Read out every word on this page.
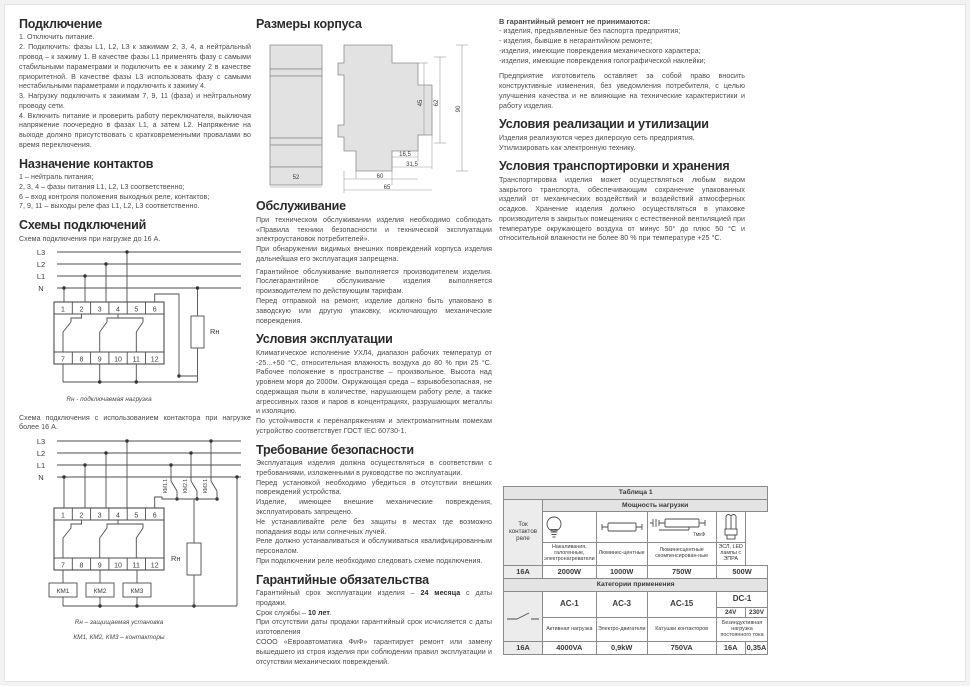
Подключение

1. Отключить питание.

2. Подключить: фазы L1, L2, L3 к зажимам 2, 3, 4, а нейтральный провод – к зажиму 1. В качестве фазы L1 применять фазу с самыми стабильными параметрами и подключить ее к зажиму 2 в качестве приоритетной. В качестве фазы L3 использовать фазу с самыми нестабильными параметрами и подключить к зажиму 4.

3. Нагрузку подключить к зажимам 7, 9, 11 (фаза) и нейтральному проводу сети.

4. Включить питание и проверить работу переключателя, выключая напряжение поочередно в фазах L1, а затем L2. Напряжение на выходе должно присутствовать с кратковременными провалами во время переключения.

Назначение контактов

1 – нейтраль питания;

2, 3, 4 – фазы питания L1, L2, L3 соответственно;

6 – вход контроля положения выходных реле, контактов;

7, 9, 11 – выходы реле фаз L1, L2, L3 соответственно.

Схемы подключений

Схема подключения при нагрузке до 16 А.

L3
L2
L1
N
1 2 3 4 5 6
7 8 9 10 11 12
Rн

Rн - подключаемая нагрузка

Схема подключения с использованием контактора при нагрузке более 16 А.

L3
L2
L1
N
КМ1.1	КМ2.1	КМ3.1
1 2 3 4 5 6
7 8 9 10 11 12
КМ1	КМ2	КМ3
Rн

Rн – защищаемая установка

КМ1, КМ2, КМ3 – контакторы

Размеры корпуса
52
45 62
90
16,5
31,5
60
65
Обслуживание

При техническом обслуживании изделия необходимо соблюдать «Правила техники безопасности и технической эксплуатации электроустановок потребителей».

При обнаружении видимых внешних повреждений корпуса изделия дальнейшая его эксплуатация запрещена.

Гарантийное обслуживание выполняется производителем изделия. Послегарантийное обслуживание изделия выполняется производителем по действующим тарифам.

Перед отправкой на ремонт, изделие должно быть упаковано в заводскую или другую упаковку, исключающую механические повреждения.

Условия эксплуатации

Климатическое исполнение УХЛ4, диапазон рабочих температур от -25...+50 °С, относительная влажность воздуха до 80 % при 25 °С. Рабочее положение в пространстве – произвольное. Высота над уровнем моря до 2000м. Окружающая среда – взрывобезопасная, не содержащая пыли в количестве, нарушающем работу реле, а также агрессивных газов и паров в концентрациях, разрушающих металлы и изоляцию.

По устойчивости к перенапряжениям и электромагнитным помехам устройство соответствует ГОСТ IEC 60730-1.

Требование безопасности

Эксплуатация изделия должна осуществляться в соответствии с требованиями, изложенными в руководстве по эксплуатации.

Перед установкой необходимо убедиться в отсутствии внешних повреждений устройства.

Изделие, имеющее внешние механические повреждения, эксплуатировать запрещено.

Не устанавливайте реле без защиты в местах где возможно попадания воды или солнечных лучей.

Реле должно устанавливаться и обслуживаться квалифицированным персоналом.

При подключении реле необходимо следовать схеме подключения.

Гарантийные обязательства

Гарантийный срок эксплуатации изделия – 24 месяца с даты продажи.

Срок службы – 10 лет.

При отсутствии даты продажи гарантийный срок исчисляется с даты изготовления

СООО «Евроавтоматика ФиФ» гарантирует ремонт или замену вышедшего из строя изделия при соблюдении правил эксплуатации и отсутствии механических повреждений.

В гарантийный ремонт не принимаются:

- изделия, предъявленные без паспорта предприятия;

- изделия, бывшие в негарантийном ремонте;

-изделия, имеющие повреждения механического характера;

-изделия, имеющие повреждения голографической наклейки;

Предприятие изготовитель оставляет за собой право вносить конструктивные изменения, без уведомления потребителя, с целью улучшения качества и не влияющие на технические характеристики и работу изделия.

Условия реализации и утилизации

Изделия реализуются через дилерскую сеть предприятия.

Утилизировать как электронную технику.

Условия транспортировки и хранения

Транспортировка изделия может осуществляться любым видом закрытого транспорта, обеспечивающим сохранение упакованных изделий от механических воздействий и воздействий атмосферных осадков. Хранение изделия должно осуществляться в упаковке производителя в закрытых помещениях с естественной вентиляцией при температуре окружающего воздуха от минус 50° до плюс 50 °С и относительной влажности не более 80 % при температуре +25 °С.

Таблица 1					
Ток контактов реле	Мощность нагрузки				

7мкФ

	Накаливания, галогенные, электронагреватели	Люминес-центные	Люминесцентные скомпенсирован-ные	ЭСЛ, LED лампы с ЭПРА	
16А	2000W	1000W	750W	500W	
Категории применения					

	AC-1	AC-3	AC-15	DC-1	
				24V	230V
	Активная нагрузка	Электро-двигатели	Катушки контакторов	Безиндуктивная нагрузка постоянного тока	
16А	4000VA	0,9kW	750VA	16А	0,35А
